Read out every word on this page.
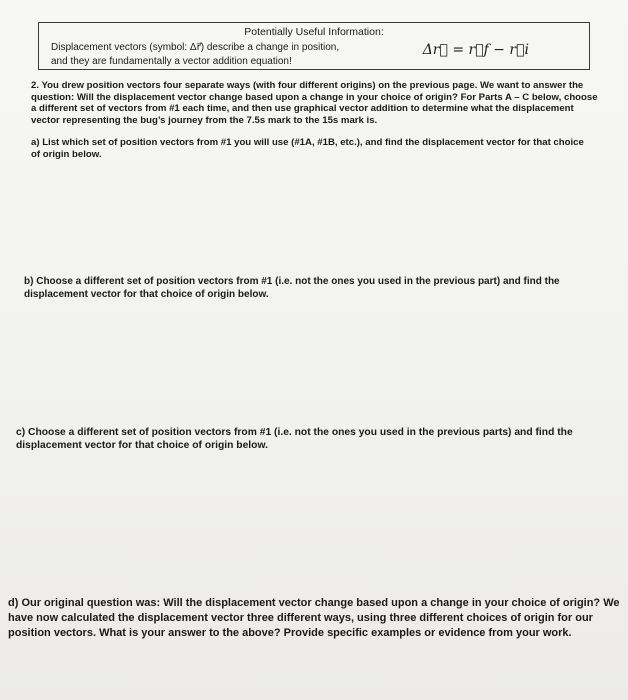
Potentially Useful Information:
Displacement vectors (symbol: Δr⃗) describe a change in position,
and they are fundamentally a vector addition equation!
Δr⃗ = r⃗f − r⃗i

2. You drew position vectors four separate ways (with four different origins) on the previous page. We want to answer the question: Will the displacement vector change based upon a change in your choice of origin? For Parts A – C below, choose a different set of vectors from #1 each time, and then use graphical vector addition to determine what the displacement vector representing the bug’s journey from the 7.5s mark to the 15s mark is.

a) List which set of position vectors from #1 you will use (#1A, #1B, etc.), and find the displacement vector for that choice of origin below.

b) Choose a different set of position vectors from #1 (i.e. not the ones you used in the previous part) and find the displacement vector for that choice of origin below.

c) Choose a different set of position vectors from #1 (i.e. not the ones you used in the previous parts) and find the displacement vector for that choice of origin below.

d) Our original question was: Will the displacement vector change based upon a change in your choice of origin? We have now calculated the displacement vector three different ways, using three different choices of origin for our position vectors. What is your answer to the above? Provide specific examples or evidence from your work.
